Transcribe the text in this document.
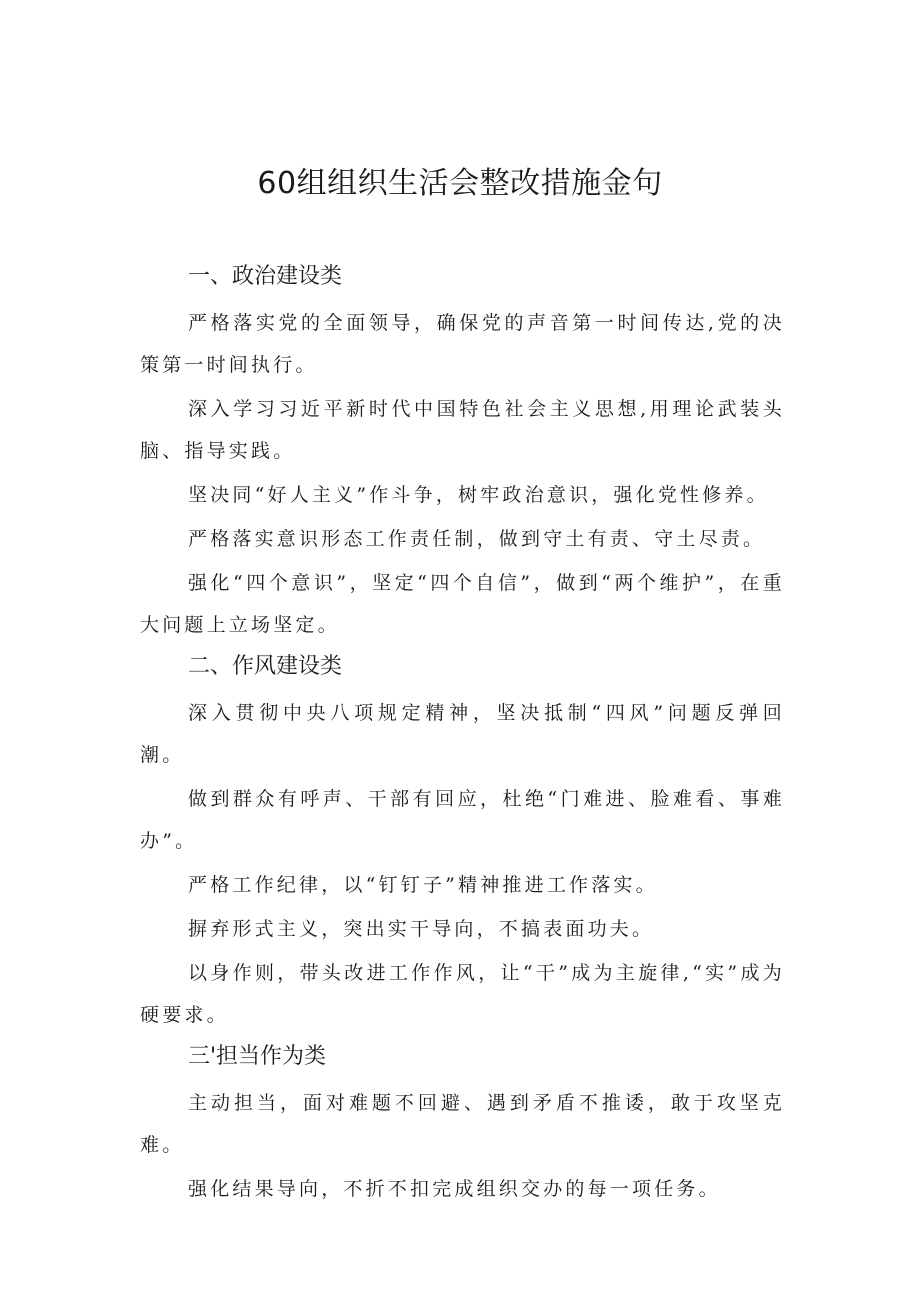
60组组织生活会整改措施金句
一、政治建设类

严格落实党的全面领导，确保党的声音第一时间传达,党的决策第一时间执行。

深入学习习近平新时代中国特色社会主义思想,用理论武装头脑、指导实践。

坚决同“好人主义”作斗争，树牢政治意识，强化党性修养。

严格落实意识形态工作责任制，做到守土有责、守土尽责。

强化“四个意识”，坚定“四个自信”，做到“两个维护”，在重大问题上立场坚定。

二、作风建设类

深入贯彻中央八项规定精神，坚决抵制“四风”问题反弹回潮。

做到群众有呼声、干部有回应，杜绝“门难进、脸难看、事难办”。

严格工作纪律，以“钉钉子”精神推进工作落实。

摒弃形式主义，突出实干导向，不搞表面功夫。

以身作则，带头改进工作作风，让“干”成为主旋律,“实”成为硬要求。

三'担当作为类

主动担当，面对难题不回避、遇到矛盾不推诿，敢于攻坚克难。

强化结果导向，不折不扣完成组织交办的每一项任务。
